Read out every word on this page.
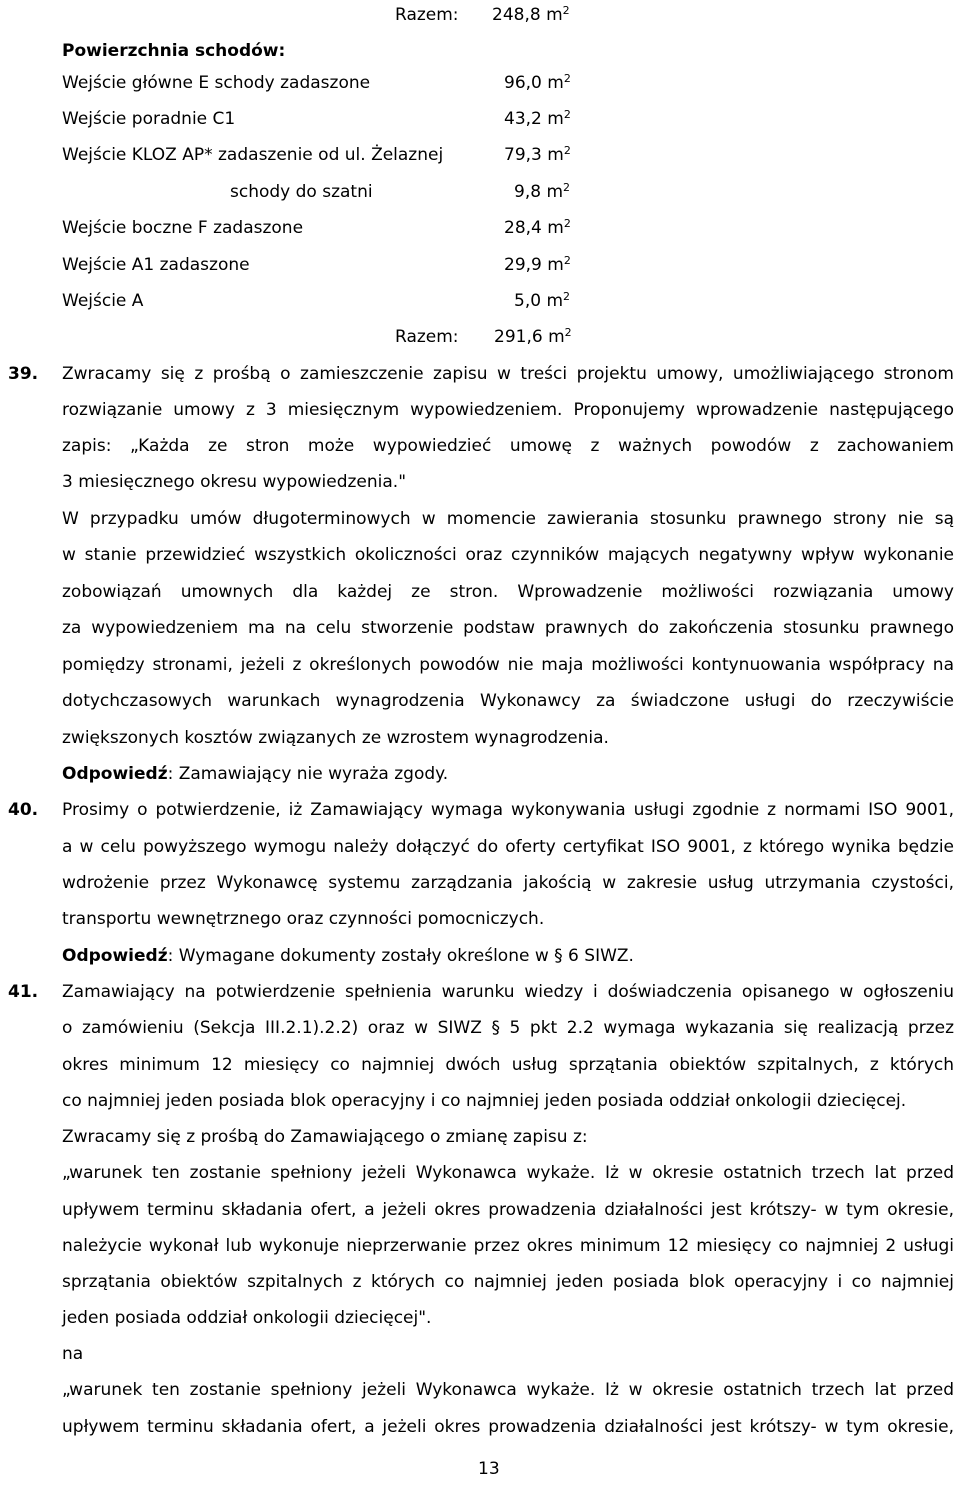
Razem: 248,8 $m^2$
Powierzchnia schodów:
Wejście główne E schody zadaszone	96,0 $m^2$
Wejście poradnie C1	43,2 $m^2$
Wejście KLOZ AP* zadaszenie od ul. Żelaznej	79,3 $m^2$
schody do szatni	9,8 $m^2$
Wejście boczne F zadaszone	28,4 $m^2$
Wejście A1 zadaszone	29,9 $m^2$
Wejście A	5,0 $m^2$
Razem: 291,6 $m^2$
39. Zwracamy się z prośbą o zamieszczenie zapisu w treści projektu umowy, umożliwiającego stronom
rozwiązanie umowy z 3 miesięcznym wypowiedzeniem. Proponujemy wprowadzenie następującego
zapis: „Każda ze stron może wypowiedzieć umowę z ważnych powodów z zachowaniem
3 miesięcznego okresu wypowiedzenia."
W przypadku umów długoterminowych w momencie zawierania stosunku prawnego strony nie są
w stanie przewidzieć wszystkich okoliczności oraz czynników mających negatywny wpływ wykonanie
zobowiązań umownych dla każdej ze stron. Wprowadzenie możliwości rozwiązania umowy
za wypowiedzeniem ma na celu stworzenie podstaw prawnych do zakończenia stosunku prawnego
pomiędzy stronami, jeżeli z określonych powodów nie maja możliwości kontynuowania współpracy na
dotychczasowych warunkach wynagrodzenia Wykonawcy za świadczone usługi do rzeczywiście
zwiększonych kosztów związanych ze wzrostem wynagrodzenia.
Odpowiedź: Zamawiający nie wyraża zgody.
40. Prosimy o potwierdzenie, iż Zamawiający wymaga wykonywania usługi zgodnie z normami ISO 9001,
a w celu powyższego wymogu należy dołączyć do oferty certyfikat ISO 9001, z którego wynika będzie
wdrożenie przez Wykonawcę systemu zarządzania jakością w zakresie usług utrzymania czystości,
transportu wewnętrznego oraz czynności pomocniczych.
Odpowiedź: Wymagane dokumenty zostały określone w § 6 SIWZ.
41. Zamawiający na potwierdzenie spełnienia warunku wiedzy i doświadczenia opisanego w ogłoszeniu
o zamówieniu (Sekcja III.2.1).2.2) oraz w SIWZ § 5 pkt 2.2 wymaga wykazania się realizacją przez
okres minimum 12 miesięcy co najmniej dwóch usług sprzątania obiektów szpitalnych, z których
co najmniej jeden posiada blok operacyjny i co najmniej jeden posiada oddział onkologii dziecięcej.
Zwracamy się z prośbą do Zamawiającego o zmianę zapisu z:
„warunek ten zostanie spełniony jeżeli Wykonawca wykaże. Iż w okresie ostatnich trzech lat przed
upływem terminu składania ofert, a jeżeli okres prowadzenia działalności jest krótszy- w tym okresie,
należycie wykonał lub wykonuje nieprzerwanie przez okres minimum 12 miesięcy co najmniej 2 usługi
sprzątania obiektów szpitalnych z których co najmniej jeden posiada blok operacyjny i co najmniej
jeden posiada oddział onkologii dziecięcej".
na
„warunek ten zostanie spełniony jeżeli Wykonawca wykaże. Iż w okresie ostatnich trzech lat przed
upływem terminu składania ofert, a jeżeli okres prowadzenia działalności jest krótszy- w tym okresie,
13
